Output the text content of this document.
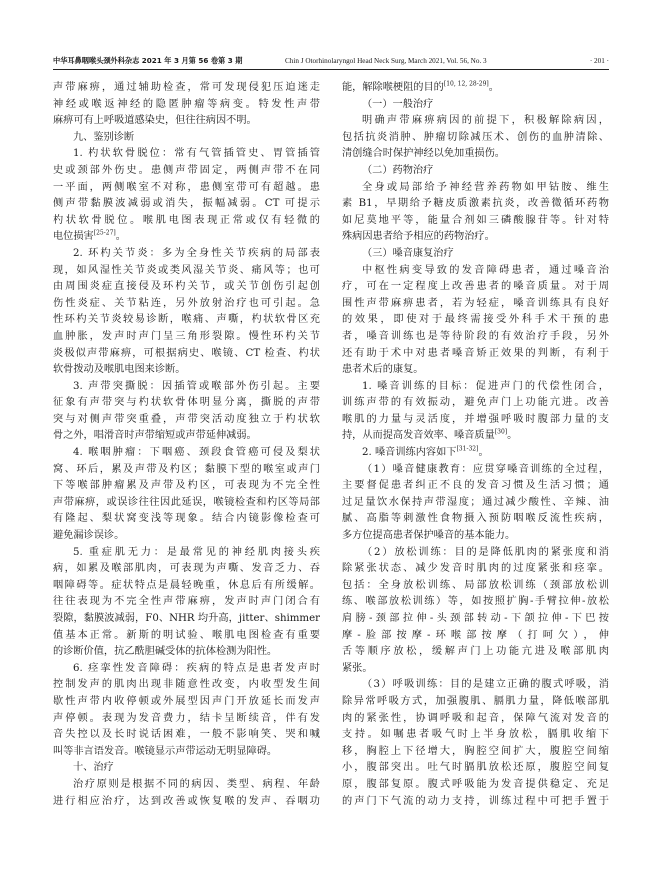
中华耳鼻咽喉头颈外科杂志 2021 年 3 月第 56 卷第 3 期	Chin J Otorhinolaryngol Head Neck Surg, March 2021, Vol. 56, No. 3	· 201 ·
声带麻痹，通过辅助检查，常可发现侵犯压迫迷走
神经或喉返神经的隐匿肿瘤等病变。特发性声带
麻痹可有上呼吸道感染史，但往往病因不明。
九、鉴别诊断
1. 杓状软骨脱位：常有气管插管史、胃管插管
史或颈部外伤史。患侧声带固定，两侧声带不在同
一平面，两侧喉室不对称，患侧室带可有超越。患
侧声带黏膜波减弱或消失，振幅减弱。CT 可提示
杓状软骨脱位。喉肌电图表现正常或仅有轻微的
电位损害[25-27]。
2. 环杓关节炎：多为全身性关节疾病的局部表
现，如风湿性关节炎或类风湿关节炎、痛风等；也可
由周围炎症直接侵及环杓关节，或关节创伤引起创
伤性炎症、关节粘连，另外放射治疗也可引起。急
性环杓关节炎较易诊断，喉痛、声嘶，杓状软骨区充
血肿胀，发声时声门呈三角形裂隙。慢性环杓关节
炎极似声带麻痹，可根据病史、喉镜、CT 检查、杓状
软骨拨动及喉肌电图来诊断。
3. 声带突撕脱：因插管或喉部外伤引起。主要
征象有声带突与杓状软骨体明显分离，撕脱的声带
突与对侧声带突重叠，声带突活动度独立于杓状软
骨之外，唱滑音时声带缩短或声带延伸减弱。
4. 喉咽肿瘤：下咽癌、颈段食管癌可侵及梨状
窝、环后，累及声带及杓区；黏膜下型的喉室或声门
下等喉部肿瘤累及声带及杓区，可表现为不完全性
声带麻痹，或误诊往往因此延误，喉镜检查和杓区等局部
有隆起、梨状窝变浅等现象。结合内镜影像检查可
避免漏诊误诊。
5. 重症肌无力：是最常见的神经肌肉接头疾
病，如累及喉部肌肉，可表现为声嘶、发音乏力、吞
咽障碍等。症状特点是晨轻晚重，休息后有所缓解。
往往表现为不完全性声带麻痹，发声时声门闭合有
裂隙，黏膜波减弱，F0、NHR 均升高，jitter、shimmer
值基本正常。新斯的明试验、喉肌电图检查有重要
的诊断价值，抗乙酰胆碱受体的抗体检测为阳性。
6. 痉挛性发音障碍：疾病的特点是患者发声时
控制发声的肌肉出现非随意性改变，内收型发生间
歇性声带内收停顿或外展型因声门开放延长而发声
声停顿。表现为发音费力，结卡呈断续音，伴有发
音失控以及长时说话困难，一般不影响笑、哭和喊
叫等非言语发音。喉镜显示声带运动无明显障碍。
十、治疗
治疗原则是根据不同的病因、类型、病程、年龄
进行相应治疗，达到改善或恢复喉的发声、吞咽功
能，解除喉梗阻的目的[10, 12, 28-29]。
（一）一般治疗
明确声带麻痹病因的前提下，积极解除病因，
包括抗炎消肿、肿瘤切除减压术、创伤的血肿清除、
清创缝合时保护神经以免加重损伤。
（二）药物治疗
全身或局部给予神经营养药物如甲钴胺、维生
素 B1，早期给予糖皮质激素抗炎，改善微循环药物
如尼莫地平等，能量合剂如三磷酸腺苷等。针对特
殊病因患者给予相应的药物治疗。
（三）嗓音康复治疗
中枢性病变导致的发音障碍患者，通过嗓音治
疗，可在一定程度上改善患者的嗓音质量。对于周
围性声带麻痹患者，若为轻症，嗓音训练具有良好
的效果，即使对于最终需接受外科手术干预的患
者，嗓音训练也是等待阶段的有效治疗手段，另外
还有助于术中对患者嗓音矫正效果的判断，有利于
患者术后的康复。
1. 嗓音训练的目标：促进声门的代偿性闭合，
训练声带的有效振动，避免声门上功能亢进。改善
喉肌的力量与灵活度，并增强呼吸时腹部力量的支
持，从而提高发音效率、嗓音质量[30]。
2. 嗓音训练内容如下[31-32]。
（1）嗓音健康教育：应贯穿嗓音训练的全过程，
主要督促患者纠正不良的发音习惯及生活习惯；通
过足量饮水保持声带湿度；通过减少酸性、辛辣、油
腻、高脂等刺激性食物摄入预防咽喉反流性疾病，
多方位提高患者保护嗓音的基本能力。
（2）放松训练：目的是降低肌肉的紧张度和消
除紧张状态、减少发音时肌肉的过度紧张和痉挛。
包括：全身放松训练、局部放松训练（颈部放松训
练、喉部放松训练）等，如按照扩胸-手臂拉伸-放松
肩膀-颈部拉伸-头颈部转动-下颌拉伸-下巴按
摩-脸部按摩-环喉部按摩（打呵欠），伸
舌等顺序放松，缓解声门上功能亢进及喉部肌肉
紧张。
（3）呼吸训练：目的是建立正确的腹式呼吸，消
除异常呼吸方式，加强腹肌、膈肌力量，降低喉部肌
肉的紧张性，协调呼吸和起音，保障气流对发音的
支持。如嘱患者吸气时上半身放松，膈肌收缩下
移，胸腔上下径增大，胸腔空间扩大，腹腔空间缩
小，腹部突出。吐气时膈肌放松还原，腹腔空间复
原，腹部复原。腹式呼吸能为发音提供稳定、充足
的声门下气流的动力支持，训练过程中可把手置于
